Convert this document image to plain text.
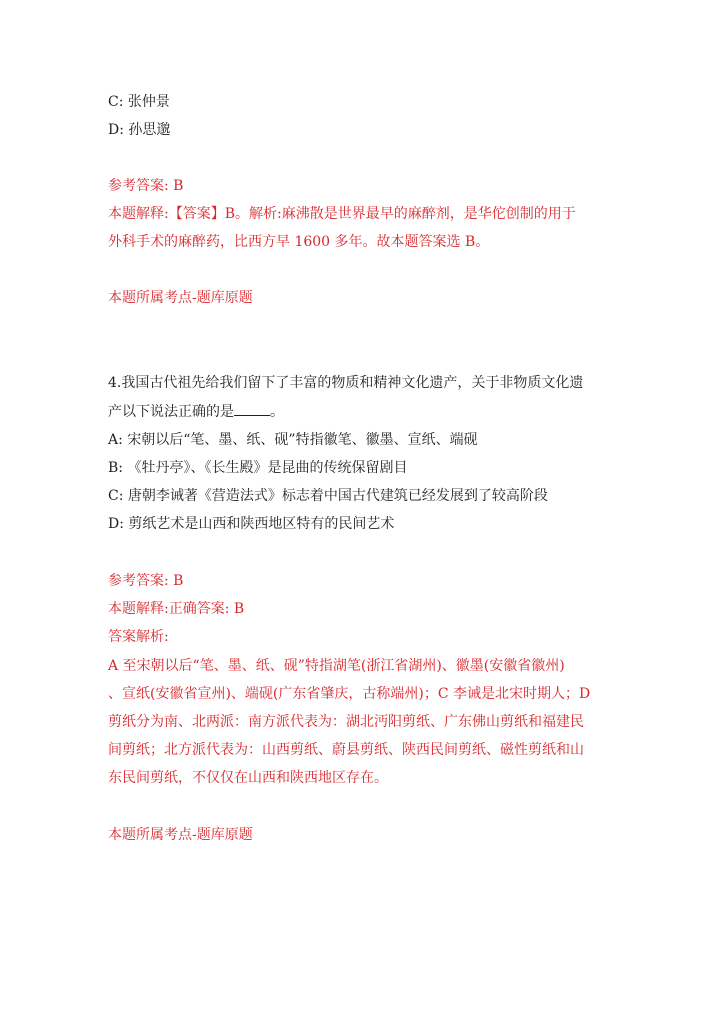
C: 张仲景
D: 孙思邈
参考答案: B
本题解释:【答案】B。解析:麻沸散是世界最早的麻醉剂，是华佗创制的用于
外科手术的麻醉药，比西方早 1600 多年。故本题答案选 B。
本题所属考点-题库原题
4.我国古代祖先给我们留下了丰富的物质和精神文化遗产，关于非物质文化遗
产以下说法正确的是	。
A: 宋朝以后“笔、墨、纸、砚”特指徽笔、徽墨、宣纸、端砚
B: 《牡丹亭》、《长生殿》是昆曲的传统保留剧目
C: 唐朝李诫著《营造法式》标志着中国古代建筑已经发展到了较高阶段
D: 剪纸艺术是山西和陕西地区特有的民间艺术
参考答案: B
本题解释:正确答案: B
答案解析:
A 至宋朝以后“笔、墨、纸、砚”特指湖笔(浙江省湖州)、徽墨(安徽省徽州)
、宣纸(安徽省宣州)、端砚(广东省肇庆，古称端州)；C 李诫是北宋时期人；D
剪纸分为南、北两派：南方派代表为：湖北沔阳剪纸、广东佛山剪纸和福建民
间剪纸；北方派代表为：山西剪纸、蔚县剪纸、陕西民间剪纸、磁性剪纸和山
东民间剪纸，不仅仅在山西和陕西地区存在。
本题所属考点-题库原题
